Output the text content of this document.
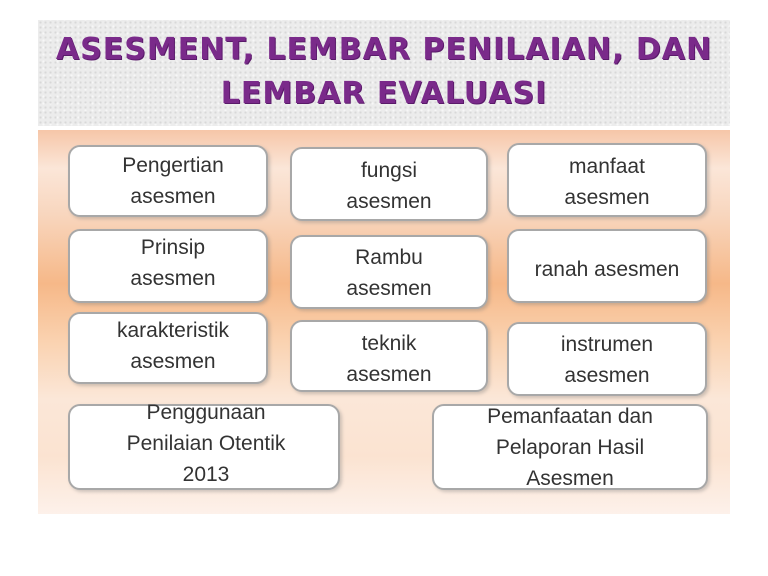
ASESMENT, LEMBAR PENILAIAN, DAN
LEMBAR EVALUASI

Pengertian
asesmen

fungsi
asesmen

manfaat
asesmen

Prinsip
asesmen

Rambu
asesmen

ranah asesmen

karakteristik
asesmen

teknik
asesmen

instrumen
asesmen

Penggunaan
Penilaian Otentik
2013

Pemanfaatan dan
Pelaporan Hasil
Asesmen
